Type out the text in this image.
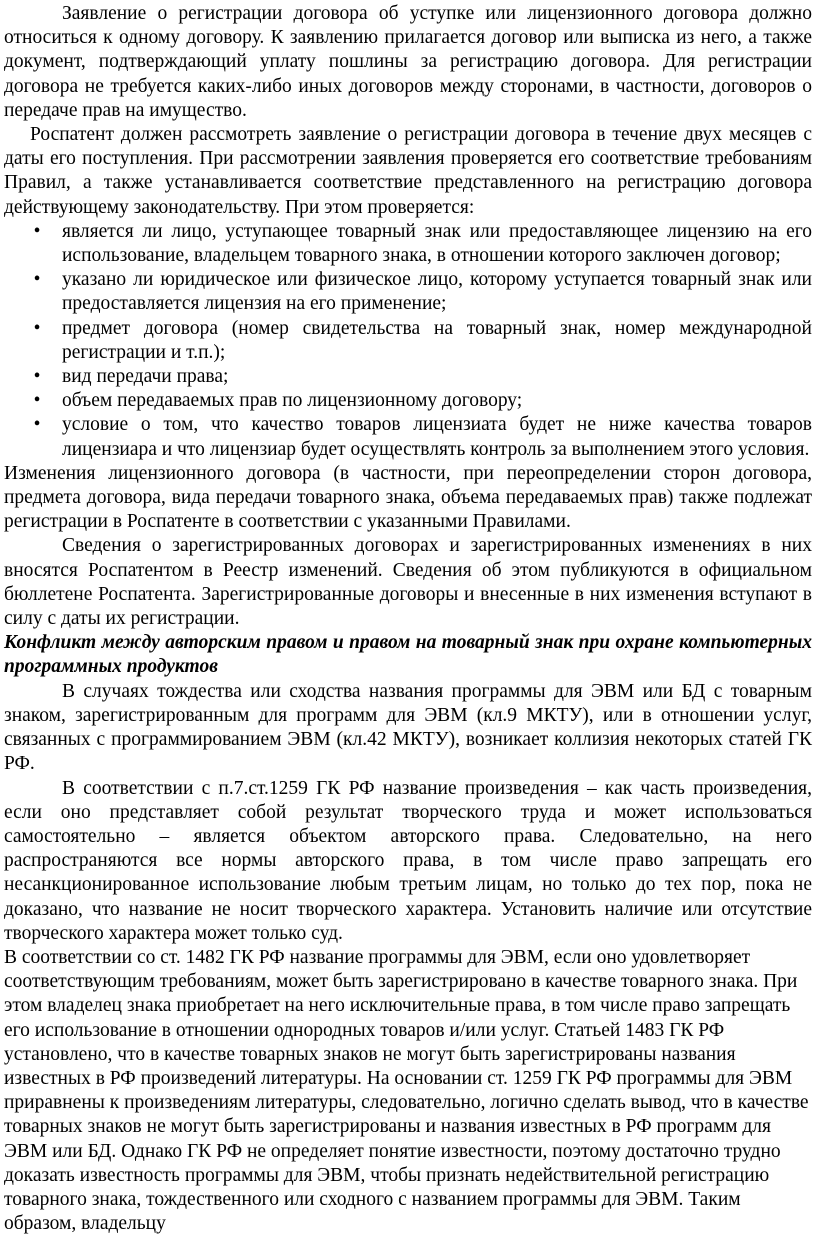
Заявление о регистрации договора об уступке или лицензионного договора должно относиться к одному договору. К заявлению прилагается договор или выписка из него, а также документ, подтверждающий уплату пошлины за регистрацию договора. Для регистрации договора не требуется каких-либо иных договоров между сторонами, в частности, договоров о передаче прав на имущество.

Роспатент должен рассмотреть заявление о регистрации договора в течение двух месяцев с даты его поступления. При рассмотрении заявления проверяется его соответствие требованиям Правил, а также устанавливается соответствие представленного на регистрацию договора действующему законодательству. При этом проверяется:

• является ли лицо, уступающее товарный знак или предоставляющее лицензию на его использование, владельцем товарного знака, в отношении которого заключен договор;
• указано ли юридическое или физическое лицо, которому уступается товарный знак или предоставляется лицензия на его применение;
• предмет договора (номер свидетельства на товарный знак, номер международной регистрации и т.п.);
• вид передачи права;
• объем передаваемых прав по лицензионному договору;
• условие о том, что качество товаров лицензиата будет не ниже качества товаров лицензиара и что лицензиар будет осуществлять контроль за выполнением этого условия.

Изменения лицензионного договора (в частности, при переопределении сторон договора, предмета договора, вида передачи товарного знака, объема передаваемых прав) также подлежат регистрации в Роспатенте в соответствии с указанными Правилами.

Сведения о зарегистрированных договорах и зарегистрированных изменениях в них вносятся Роспатентом в Реестр изменений. Сведения об этом публикуются в официальном бюллетене Роспатента. Зарегистрированные договоры и внесенные в них изменения вступают в силу с даты их регистрации.

Конфликт между авторским правом и правом на товарный знак при охране компьютерных программных продуктов

В случаях тождества или сходства названия программы для ЭВМ или БД с товарным знаком, зарегистрированным для программ для ЭВМ (кл.9 МКТУ), или в отношении услуг, связанных с программированием ЭВМ (кл.42 МКТУ), возникает коллизия некоторых статей ГК РФ.

В соответствии с п.7.ст.1259 ГК РФ название произведения – как часть произведения, если оно представляет собой результат творческого труда и может использоваться самостоятельно – является объектом авторского права. Следовательно, на него распространяются все нормы авторского права, в том числе право запрещать его несанкционированное использование любым третьим лицам, но только до тех пор, пока не доказано, что название не носит творческого характера. Установить наличие или отсутствие творческого характера может только суд.

В соответствии со ст. 1482 ГК РФ название программы для ЭВМ, если оно удовлетворяет соответствующим требованиям, может быть зарегистрировано в качестве товарного знака. При этом владелец знака приобретает на него исключительные права, в том числе право запрещать его использование в отношении однородных товаров и/или услуг. Статьей 1483 ГК РФ установлено, что в качестве товарных знаков не могут быть зарегистрированы названия известных в РФ произведений литературы. На основании ст. 1259 ГК РФ программы для ЭВМ приравнены к произведениям литературы, следовательно, логично сделать вывод, что в качестве товарных знаков не могут быть зарегистрированы и названия известных в РФ программ для ЭВМ или БД. Однако ГК РФ не определяет понятие известности, поэтому достаточно трудно доказать известность программы для ЭВМ, чтобы признать недействительной регистрацию товарного знака, тождественного или сходного с названием программы для ЭВМ. Таким образом, владельцу
